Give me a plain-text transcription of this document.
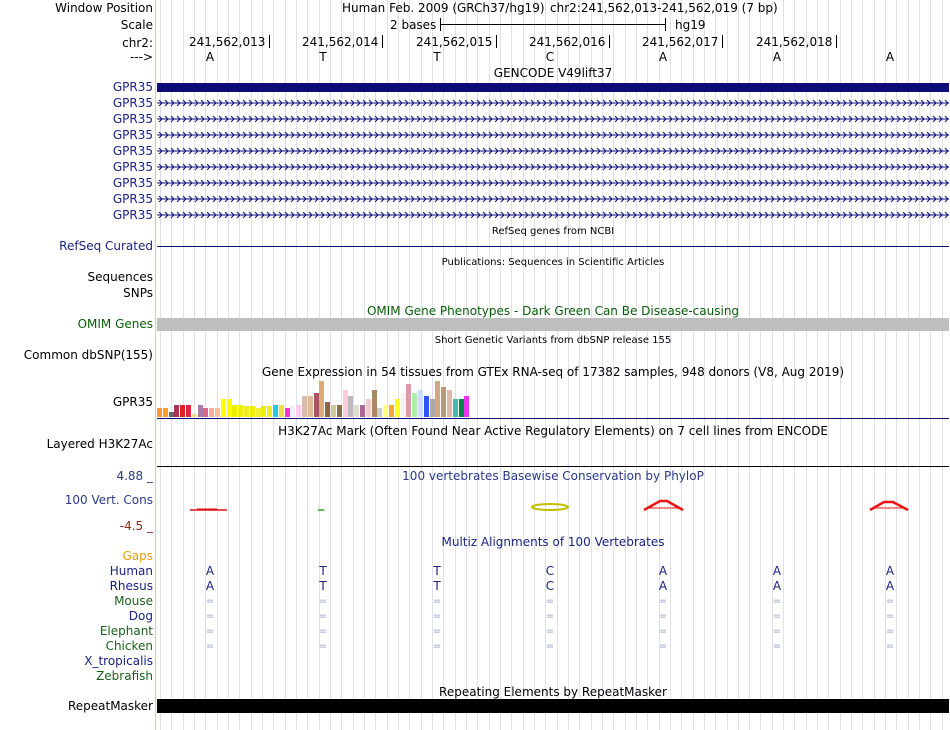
Window Position	Human Feb. 2009 (GRCh37/hg19) chr2:241,562,013-241,562,019 (7 bp)
Scale	2 bases	hg19
chr2:	241,562,013	241,562,014	241,562,015	241,562,016	241,562,017	241,562,018
--->	A	T	T	C	A	A	A
GENCODE V49lift37
GPR35
GPR35
GPR35
GPR35
GPR35
GPR35
GPR35
GPR35
GPR35
RefSeq genes from NCBI
RefSeq Curated
Publications: Sequences in Scientific Articles
Sequences
SNPs
OMIM Gene Phenotypes - Dark Green Can Be Disease-causing
OMIM Genes
Short Genetic Variants from dbSNP release 155
Common dbSNP(155)
Gene Expression in 54 tissues from GTEx RNA-seq of 17382 samples, 948 donors (V8, Aug 2019)
GPR35
H3K27Ac Mark (Often Found Near Active Regulatory Elements) on 7 cell lines from ENCODE
Layered H3K27Ac
100 vertebrates Basewise Conservation by PhyloP
4.88 _
100 Vert. Cons
-4.5 _
Multiz Alignments of 100 Vertebrates
Gaps
Human	A	T	T	C	A	A	A
Rhesus	A	T	T	C	A	A	A
Mouse	=	=	=	=	=	=	=
Dog	=	=	=	=	=	=	=
Elephant	=	=	=	=	=	=	=
Chicken	=	=	=	=	=	=	=
X_tropicalis
Zebrafish
Repeating Elements by RepeatMasker
RepeatMasker
